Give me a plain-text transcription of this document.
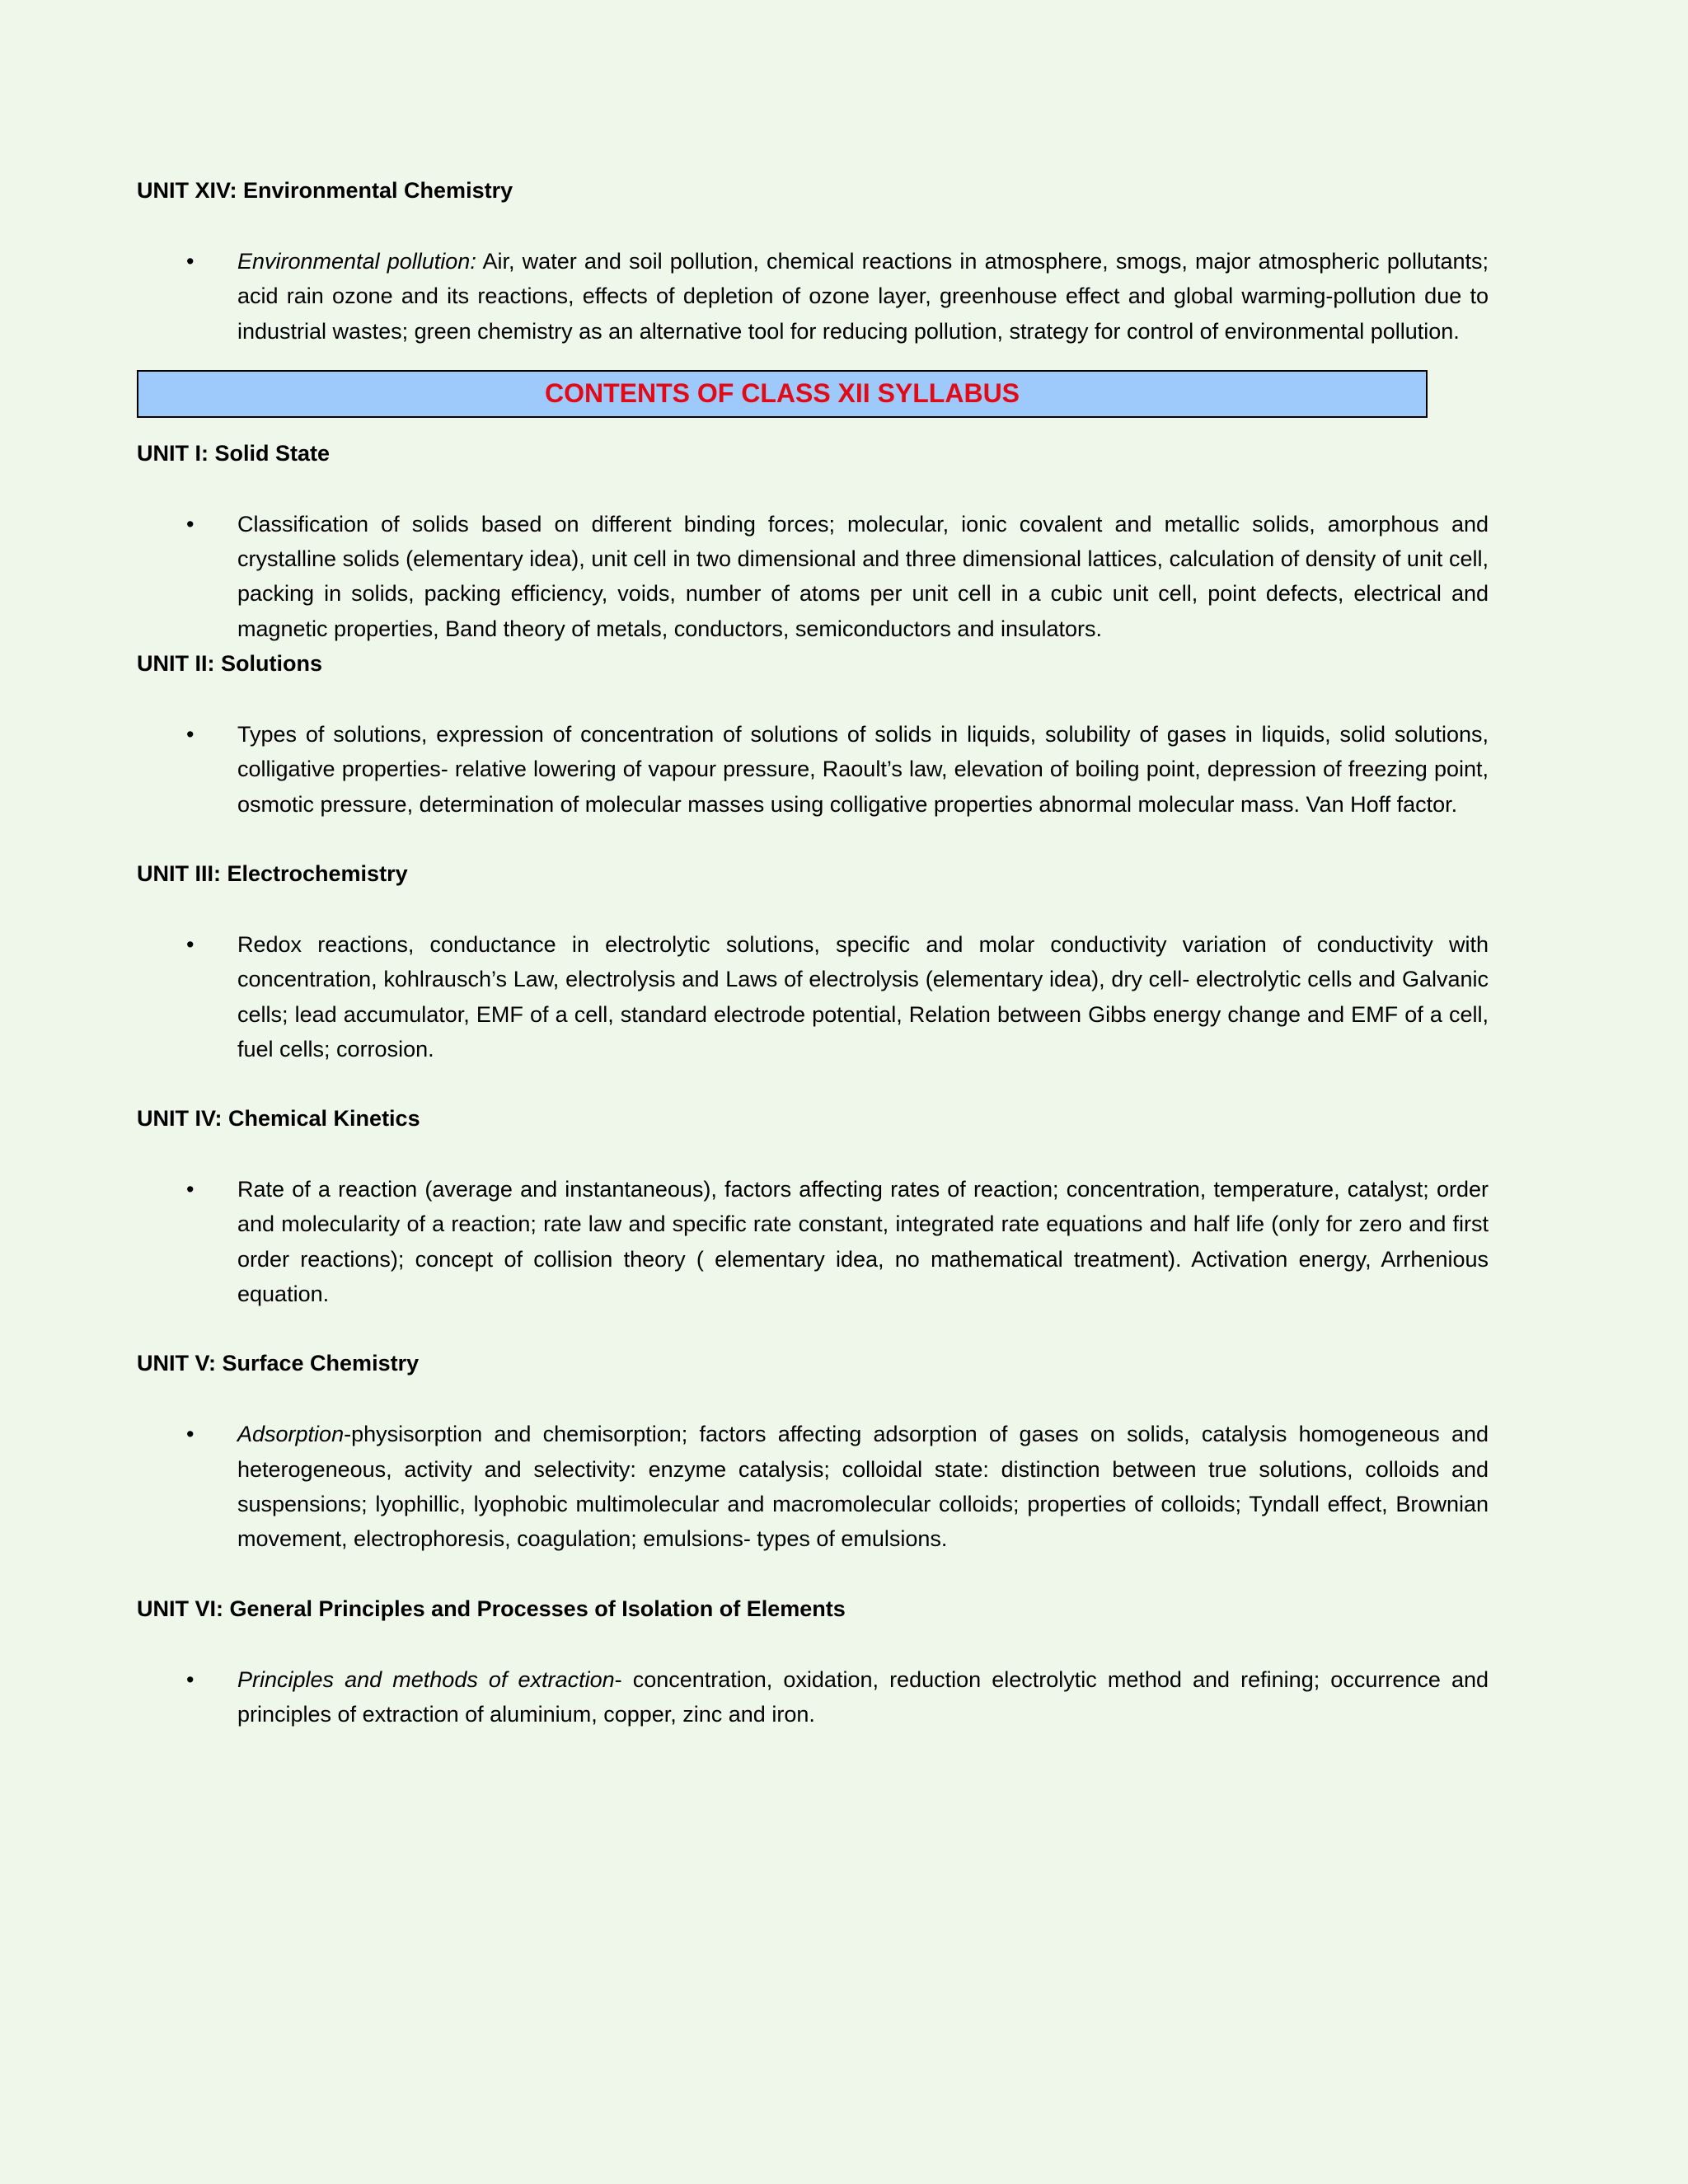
UNIT XIV: Environmental Chemistry

• Environmental pollution: Air, water and soil pollution, chemical reactions in atmosphere, smogs, major atmospheric pollutants; acid rain ozone and its reactions, effects of depletion of ozone layer, greenhouse effect and global warming-pollution due to industrial wastes; green chemistry as an alternative tool for reducing pollution, strategy for control of environmental pollution.

CONTENTS OF CLASS XII SYLLABUS

UNIT I: Solid State

• Classification of solids based on different binding forces; molecular, ionic covalent and metallic solids, amorphous and crystalline solids (elementary idea), unit cell in two dimensional and three dimensional lattices, calculation of density of unit cell, packing in solids, packing efficiency, voids, number of atoms per unit cell in a cubic unit cell, point defects, electrical and magnetic properties, Band theory of metals, conductors, semiconductors and insulators.

UNIT II: Solutions

• Types of solutions, expression of concentration of solutions of solids in liquids, solubility of gases in liquids, solid solutions, colligative properties- relative lowering of vapour pressure, Raoult’s law, elevation of boiling point, depression of freezing point, osmotic pressure, determination of molecular masses using colligative properties abnormal molecular mass. Van Hoff factor.

UNIT III: Electrochemistry

• Redox reactions, conductance in electrolytic solutions, specific and molar conductivity variation of conductivity with concentration, kohlrausch’s Law, electrolysis and Laws of electrolysis (elementary idea), dry cell- electrolytic cells and Galvanic cells; lead accumulator, EMF of a cell, standard electrode potential, Relation between Gibbs energy change and EMF of a cell, fuel cells; corrosion.

UNIT IV: Chemical Kinetics

• Rate of a reaction (average and instantaneous), factors affecting rates of reaction; concentration, temperature, catalyst; order and molecularity of a reaction; rate law and specific rate constant, integrated rate equations and half life (only for zero and first order reactions); concept of collision theory ( elementary idea, no mathematical treatment). Activation energy, Arrhenious equation.

UNIT V: Surface Chemistry

• Adsorption-physisorption and chemisorption; factors affecting adsorption of gases on solids, catalysis homogeneous and heterogeneous, activity and selectivity: enzyme catalysis; colloidal state: distinction between true solutions, colloids and suspensions; lyophillic, lyophobic multimolecular and macromolecular colloids; properties of colloids; Tyndall effect, Brownian movement, electrophoresis, coagulation; emulsions- types of emulsions.

UNIT VI: General Principles and Processes of Isolation of Elements

• Principles and methods of extraction- concentration, oxidation, reduction electrolytic method and refining; occurrence and principles of extraction of aluminium, copper, zinc and iron.
